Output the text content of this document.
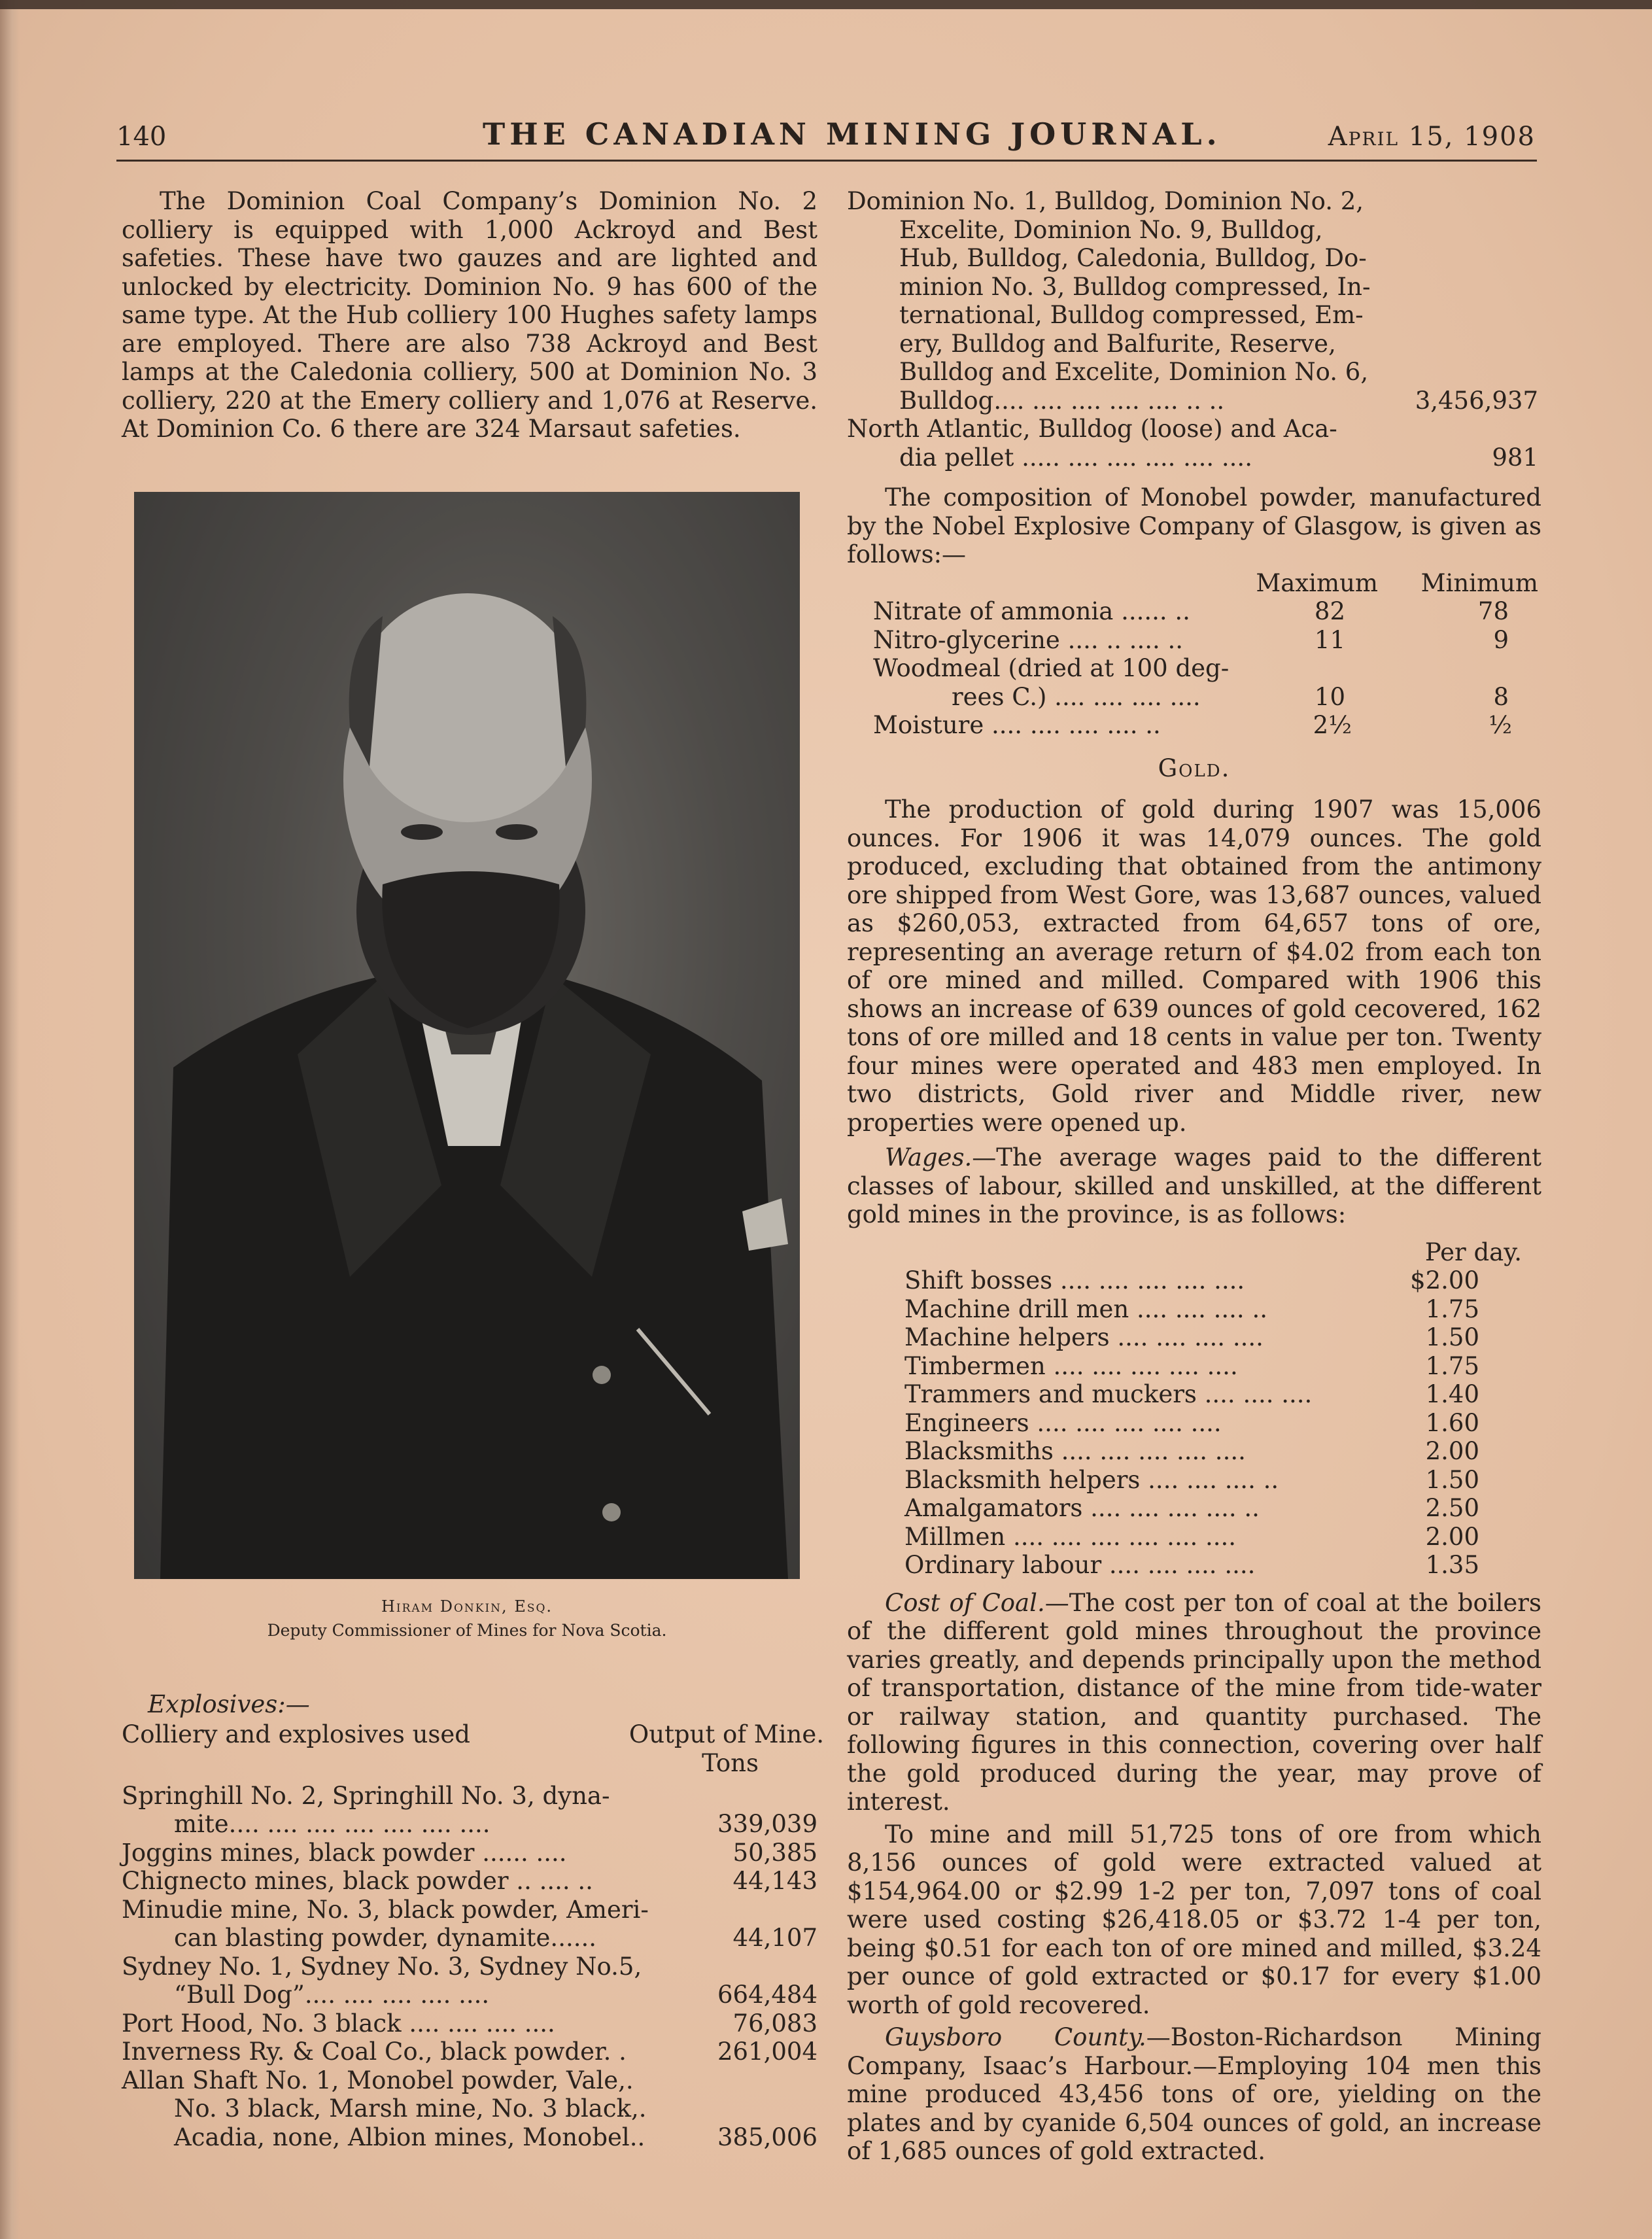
140	THE CANADIAN MINING JOURNAL.	April 15, 1908

The Dominion Coal Company’s Dominion No. 2 colliery is equipped with 1,000 Ackroyd and Best safeties. These have two gauzes and are lighted and unlocked by electricity. Dominion No. 9 has 600 of the same type. At the Hub colliery 100 Hughes safety lamps are employed. There are also 738 Ackroyd and Best lamps at the Caledonia colliery, 500 at Dominion No. 3 colliery, 220 at the Emery colliery and 1,076 at Reserve. At Dominion Co. 6 there are 324 Marsaut safeties.

Hiram Donkin, Esq.
Deputy Commissioner of Mines for Nova Scotia.
Explosives:—
Colliery and explosives used	Output of Mine.
Tons
Springhill No. 2, Springhill No. 3, dyna-
mite.... .... .... .... .... .... ....	339,039
Joggins mines, black powder ...... ....	50,385
Chignecto mines, black powder .. .... ..	44,143
Minudie mine, No. 3, black powder, Ameri-
can blasting powder, dynamite......	44,107
Sydney No. 1, Sydney No. 3, Sydney No.5,
“Bull Dog”.... .... .... .... ....	664,484
Port Hood, No. 3 black .... .... .... ....	76,083
Inverness Ry. & Coal Co., black powder. .	261,004
Allan Shaft No. 1, Monobel powder, Vale,.
No. 3 black, Marsh mine, No. 3 black,.
Acadia, none, Albion mines, Monobel..	385,006
Dominion No. 1, Bulldog, Dominion No. 2,
Excelite, Dominion No. 9, Bulldog,
Hub, Bulldog, Caledonia, Bulldog, Do-
minion No. 3, Bulldog compressed, In-
ternational, Bulldog compressed, Em-
ery, Bulldog and Balfurite, Reserve,
Bulldog and Excelite, Dominion No. 6,
Bulldog.... .... .... .... .... .. ..	3,456,937
North Atlantic, Bulldog (loose) and Aca-
dia pellet ..... .... .... .... .... ....	981

The composition of Monobel powder, manufactured by the Nobel Explosive Company of Glasgow, is given as follows:—

Maximum Minimum
Nitrate of ammonia ...... ..	82	78
Nitro-glycerine .... .. .... ..	11	9
Woodmeal (dried at 100 deg-
rees C.) .... .... .... ....	10	8
Moisture .... .... .... .... ..	2½	½
Gold.

The production of gold during 1907 was 15,006 ounces. For 1906 it was 14,079 ounces. The gold produced, excluding that obtained from the antimony ore shipped from West Gore, was 13,687 ounces, valued as $260,053, extracted from 64,657 tons of ore, representing an average return of $4.02 from each ton of ore mined and milled. Compared with 1906 this shows an increase of 639 ounces of gold cecovered, 162 tons of ore milled and 18 cents in value per ton. Twenty four mines were operated and 483 men employed. In two districts, Gold river and Middle river, new properties were opened up.

Wages.—The average wages paid to the different classes of labour, skilled and unskilled, at the different gold mines in the province, is as follows:

Per day.
Shift bosses .... .... .... .... ....	$2.00
Machine drill men .... .... .... ..	1.75
Machine helpers .... .... .... ....	1.50
Timbermen .... .... .... .... ....	1.75
Trammers and muckers .... .... ....	1.40
Engineers .... .... .... .... ....	1.60
Blacksmiths .... .... .... .... ....	2.00
Blacksmith helpers .... .... .... ..	1.50
Amalgamators .... .... .... .... ..	2.50
Millmen .... .... .... .... .... ....	2.00
Ordinary labour .... .... .... ....	1.35

Cost of Coal.—The cost per ton of coal at the boilers of the different gold mines throughout the province varies greatly, and depends principally upon the method of transportation, distance of the mine from tide-water or railway station, and quantity purchased. The following figures in this connection, covering over half the gold produced during the year, may prove of interest.

To mine and mill 51,725 tons of ore from which 8,156 ounces of gold were extracted valued at $154,964.00 or $2.99 1-2 per ton, 7,097 tons of coal were used costing $26,418.05 or $3.72 1-4 per ton, being $0.51 for each ton of ore mined and milled, $3.24 per ounce of gold extracted or $0.17 for every $1.00 worth of gold recovered.

Guysboro County.—Boston-Richardson Mining Company, Isaac’s Harbour.—Employing 104 men this mine produced 43,456 tons of ore, yielding on the plates and by cyanide 6,504 ounces of gold, an increase of 1,685 ounces of gold extracted.
